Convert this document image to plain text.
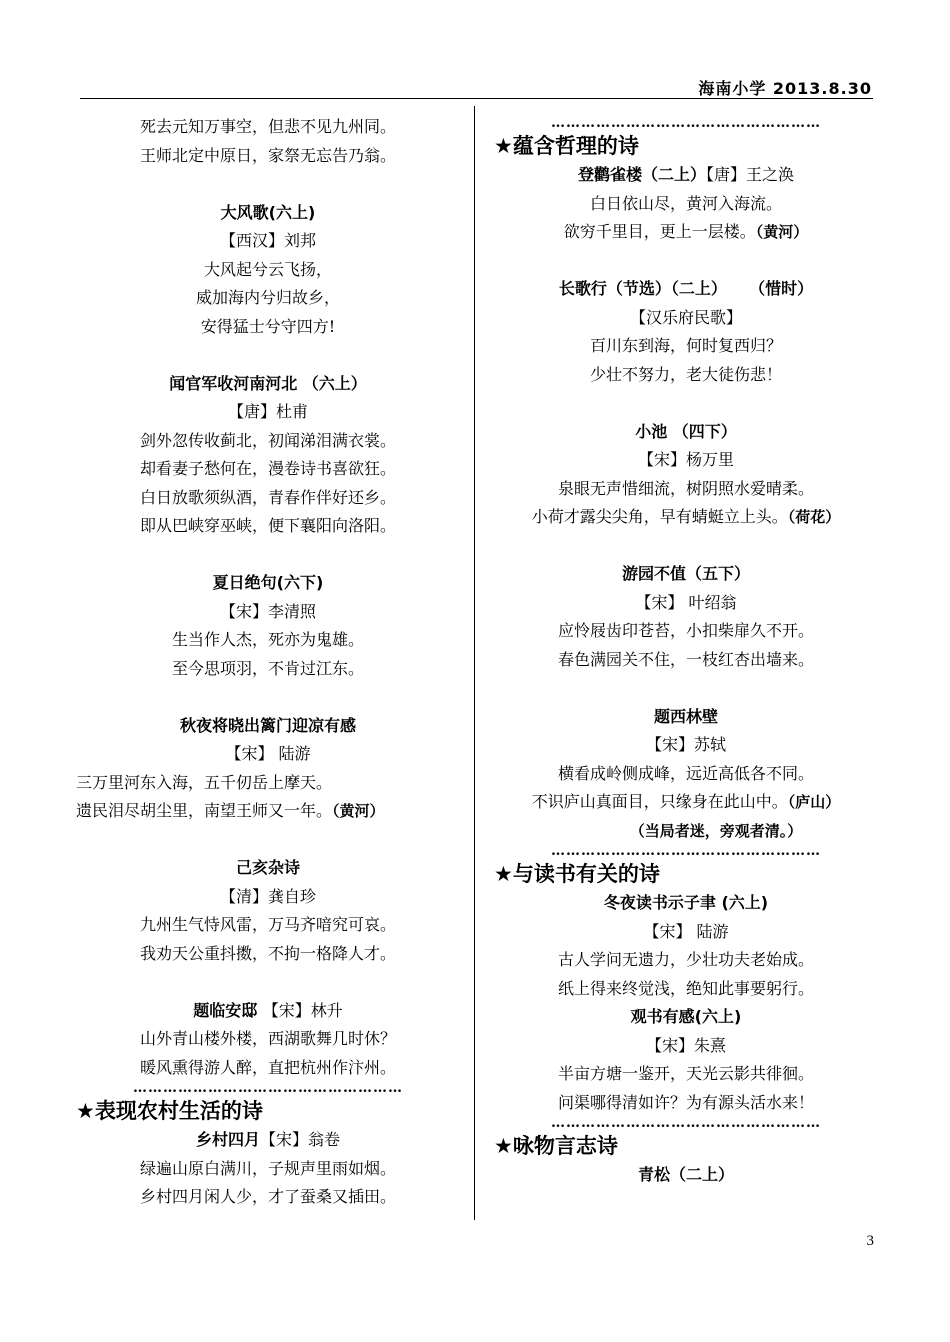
海南小学 2013.8.30
死去元知万事空，但悲不见九州同。
王师北定中原日，家祭无忘告乃翁。
大风歌(六上)
【西汉】刘邦
大风起兮云飞扬，
威加海内兮归故乡，
安得猛士兮守四方!
闻官军收河南河北 （六上）
【唐】杜甫
剑外忽传收蓟北，初闻涕泪满衣裳。
却看妻子愁何在，漫卷诗书喜欲狂。
白日放歌须纵酒，青春作伴好还乡。
即从巴峡穿巫峡，便下襄阳向洛阳。
夏日绝句(六下)
【宋】李清照
生当作人杰，死亦为鬼雄。
至今思项羽，不肯过江东。
秋夜将晓出篱门迎凉有感
【宋】 陆游
三万里河东入海，五千仞岳上摩天。
遗民泪尽胡尘里，南望王师又一年。（黄河）
己亥杂诗
【清】龚自珍
九州生气恃风雷，万马齐喑究可哀。
我劝天公重抖擞，不拘一格降人才。
题临安邸 【宋】林升
山外青山楼外楼，西湖歌舞几时休？
暖风熏得游人醉，直把杭州作汴州。
………………………………………………
★表现农村生活的诗
乡村四月【宋】翁卷
绿遍山原白满川，子规声里雨如烟。
乡村四月闲人少，才了蚕桑又插田。
………………………………………………
★蕴含哲理的诗
登鹳雀楼（二上）【唐】王之涣
白日依山尽，黄河入海流。
欲穷千里目，更上一层楼。（黄河）
长歌行（节选）（二上） （惜时）
【汉乐府民歌】
百川东到海，何时复西归？
少壮不努力，老大徒伤悲！
小池 （四下）
【宋】杨万里
泉眼无声惜细流，树阴照水爱晴柔。
小荷才露尖尖角，早有蜻蜓立上头。（荷花）
游园不值（五下）
【宋】 叶绍翁
应怜屐齿印苍苔，小扣柴扉久不开。
春色满园关不住，一枝红杏出墙来。
题西林壁
【宋】苏轼
横看成岭侧成峰，远近高低各不同。
不识庐山真面目，只缘身在此山中。（庐山）
（当局者迷，旁观者清。）
………………………………………………
★与读书有关的诗
冬夜读书示子聿 (六上)
【宋】 陆游
古人学问无遗力，少壮功夫老始成。
纸上得来终觉浅，绝知此事要躬行。
观书有感(六上)
【宋】朱熹
半亩方塘一鉴开，天光云影共徘徊。
问渠哪得清如许？为有源头活水来！
………………………………………………
★咏物言志诗
青松（二上）
3
